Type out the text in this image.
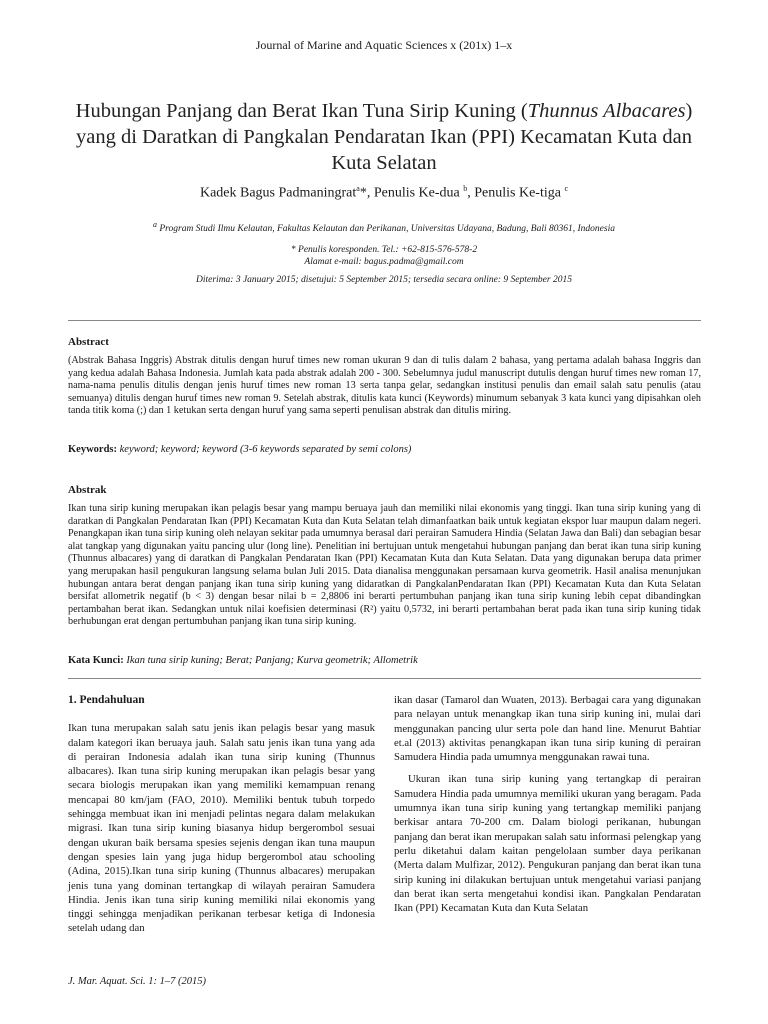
Journal of Marine and Aquatic Sciences x (201x) 1–x
Hubungan Panjang dan Berat Ikan Tuna Sirip Kuning (Thunnus Albacares) yang di Daratkan di Pangkalan Pendaratan Ikan (PPI) Kecamatan Kuta dan Kuta Selatan
Kadek Bagus Padmaningrat$^a$*, Penulis Ke-dua $^b$, Penulis Ke-tiga $^c$
$^a$ Program Studi Ilmu Kelautan, Fakultas Kelautan dan Perikanan, Universitas Udayana, Badung, Bali 80361, Indonesia
* Penulis koresponden. Tel.: +62-815-576-578-2
Alamat e-mail: bagus.padma@gmail.com
Diterima: 3 January 2015; disetujui: 5 September 2015; tersedia secara online: 9 September 2015
Abstract
(Abstrak Bahasa Inggris) Abstrak ditulis dengan huruf times new roman ukuran 9 dan di tulis dalam 2 bahasa, yang pertama adalah bahasa Inggris dan yang kedua adalah Bahasa Indonesia. Jumlah kata pada abstrak adalah 200 - 300. Sebelumnya judul manuscript dutulis dengan huruf times new roman 17, nama-nama penulis ditulis dengan jenis huruf times new roman 13 serta tanpa gelar, sedangkan institusi penulis dan email salah satu penulis (atau semuanya) ditulis dengan huruf times new roman 9. Setelah abstrak, ditulis kata kunci (Keywords) minumum sebanyak 3 kata kunci yang dipisahkan oleh tanda titik koma (;) dan 1 ketukan serta dengan huruf yang sama seperti penulisan abstrak dan ditulis miring.
Keywords: keyword; keyword; keyword (3-6 keywords separated by semi colons)
Abstrak
Ikan tuna sirip kuning merupakan ikan pelagis besar yang mampu beruaya jauh dan memiliki nilai ekonomis yang tinggi. Ikan tuna sirip kuning yang di daratkan di Pangkalan Pendaratan Ikan (PPI) Kecamatan Kuta dan Kuta Selatan telah dimanfaatkan baik untuk kegiatan ekspor luar maupun dalam negeri. Penangkapan ikan tuna sirip kuning oleh nelayan sekitar pada umumnya berasal dari perairan Samudera Hindia (Selatan Jawa dan Bali) dan sebagian besar alat tangkap yang digunakan yaitu pancing ulur (long line). Penelitian ini bertujuan untuk mengetahui hubungan panjang dan berat ikan tuna sirip kuning (Thunnus albacares) yang di daratkan di Pangkalan Pendaratan Ikan (PPI) Kecamatan Kuta dan Kuta Selatan. Data yang digunakan berupa data primer yang merupakan hasil pengukuran langsung selama bulan Juli 2015. Data dianalisa menggunakan persamaan kurva geometrik. Hasil analisa menunjukan hubungan antara berat dengan panjang ikan tuna sirip kuning yang didaratkan di PangkalanPendaratan Ikan (PPI) Kecamatan Kuta dan Kuta Selatan bersifat allometrik negatif (b < 3) dengan besar nilai b = 2,8806 ini berarti pertumbuhan panjang ikan tuna sirip kuning lebih cepat dibandingkan pertambahan berat ikan. Sedangkan untuk nilai koefisien determinasi (R²) yaitu 0,5732, ini berarti pertambahan berat pada ikan tuna sirip kuning tidak berhubungan erat dengan pertumbuhan panjang ikan tuna sirip kuning.
Kata Kunci: Ikan tuna sirip kuning; Berat; Panjang; Kurva geometrik; Allometrik

1. Pendahuluan

Ikan tuna merupakan salah satu jenis ikan pelagis besar yang masuk dalam kategori ikan beruaya jauh. Salah satu jenis ikan tuna yang ada di perairan Indonesia adalah ikan tuna sirip kuning (Thunnus albacares). Ikan tuna sirip kuning merupakan ikan pelagis besar yang secara biologis merupakan ikan yang memiliki kemampuan renang mencapai 80 km/jam (FAO, 2010). Memiliki bentuk tubuh torpedo sehingga membuat ikan ini menjadi pelintas negara dalam melakukan migrasi. Ikan tuna sirip kuning biasanya hidup bergerombol sesuai dengan ukuran baik bersama spesies sejenis dengan ikan tuna maupun dengan spesies lain yang juga hidup bergerombol atau schooling (Adina, 2015).Ikan tuna sirip kuning (Thunnus albacares) merupakan jenis tuna yang dominan tertangkap di wilayah perairan Samudera Hindia. Jenis ikan tuna sirip kuning memiliki nilai ekonomis yang tinggi sehingga menjadikan perikanan terbesar ketiga di Indonesia setelah udang dan

ikan dasar (Tamarol dan Wuaten, 2013). Berbagai cara yang digunakan para nelayan untuk menangkap ikan tuna sirip kuning ini, mulai dari menggunakan pancing ulur serta pole dan hand line. Menurut Bahtiar et.al (2013) aktivitas penangkapan ikan tuna sirip kuning di perairan Samudera Hindia pada umumnya menggunakan rawai tuna.

Ukuran ikan tuna sirip kuning yang tertangkap di perairan Samudera Hindia pada umumnya memiliki ukuran yang beragam. Pada umumnya ikan tuna sirip kuning yang tertangkap memiliki panjang berkisar antara 70-200 cm. Dalam biologi perikanan, hubungan panjang dan berat ikan merupakan salah satu informasi pelengkap yang perlu diketahui dalam kaitan pengelolaan sumber daya perikanan (Merta dalam Mulfizar, 2012). Pengukuran panjang dan berat ikan tuna sirip kuning ini dilakukan bertujuan untuk mengetahui variasi panjang dan berat ikan serta mengetahui kondisi ikan. Pangkalan Pendaratan Ikan (PPI) Kecamatan Kuta dan Kuta Selatan

J. Mar. Aquat. Sci. 1: 1–7 (2015)
